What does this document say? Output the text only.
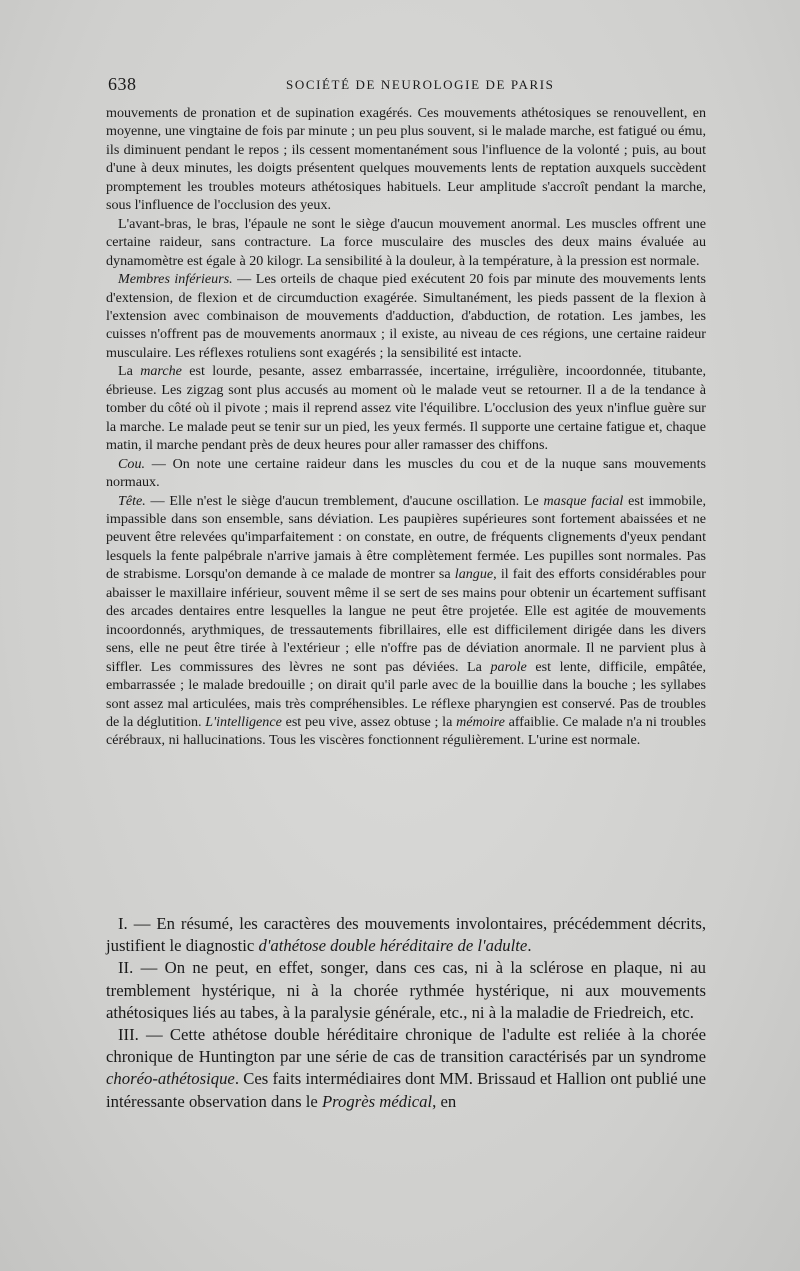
638	SOCIÉTÉ DE NEUROLOGIE DE PARIS

mouvements de pronation et de supination exagérés. Ces mouvements athétosiques se renouvellent, en moyenne, une vingtaine de fois par minute ; un peu plus souvent, si le malade marche, est fatigué ou ému, ils diminuent pendant le repos ; ils cessent momentanément sous l'influence de la volonté ; puis, au bout d'une à deux minutes, les doigts présentent quelques mouvements lents de reptation auxquels succèdent promptement les troubles moteurs athétosiques habituels. Leur amplitude s'accroît pendant la marche, sous l'influence de l'occlusion des yeux.

L'avant-bras, le bras, l'épaule ne sont le siège d'aucun mouvement anormal. Les muscles offrent une certaine raideur, sans contracture. La force musculaire des muscles des deux mains évaluée au dynamomètre est égale à 20 kilogr. La sensibilité à la douleur, à la température, à la pression est normale.

Membres inférieurs. — Les orteils de chaque pied exécutent 20 fois par minute des mouvements lents d'extension, de flexion et de circumduction exagérée. Simultanément, les pieds passent de la flexion à l'extension avec combinaison de mouvements d'adduction, d'abduction, de rotation. Les jambes, les cuisses n'offrent pas de mouvements anormaux ; il existe, au niveau de ces régions, une certaine raideur musculaire. Les réflexes rotuliens sont exagérés ; la sensibilité est intacte.

La marche est lourde, pesante, assez embarrassée, incertaine, irrégulière, incoordonnée, titubante, ébrieuse. Les zigzag sont plus accusés au moment où le malade veut se retourner. Il a de la tendance à tomber du côté où il pivote ; mais il reprend assez vite l'équilibre. L'occlusion des yeux n'influe guère sur la marche. Le malade peut se tenir sur un pied, les yeux fermés. Il supporte une certaine fatigue et, chaque matin, il marche pendant près de deux heures pour aller ramasser des chiffons.

Cou. — On note une certaine raideur dans les muscles du cou et de la nuque sans mouvements normaux.

Tête. — Elle n'est le siège d'aucun tremblement, d'aucune oscillation. Le masque facial est immobile, impassible dans son ensemble, sans déviation. Les paupières supérieures sont fortement abaissées et ne peuvent être relevées qu'imparfaitement : on constate, en outre, de fréquents clignements d'yeux pendant lesquels la fente palpébrale n'arrive jamais à être complètement fermée. Les pupilles sont normales. Pas de strabisme. Lorsqu'on demande à ce malade de montrer sa langue, il fait des efforts considérables pour abaisser le maxillaire inférieur, souvent même il se sert de ses mains pour obtenir un écartement suffisant des arcades dentaires entre lesquelles la langue ne peut être projetée. Elle est agitée de mouvements incoordonnés, arythmiques, de tressautements fibrillaires, elle est difficilement dirigée dans les divers sens, elle ne peut être tirée à l'extérieur ; elle n'offre pas de déviation anormale. Il ne parvient plus à siffler. Les commissures des lèvres ne sont pas déviées. La parole est lente, difficile, empâtée, embarrassée ; le malade bredouille ; on dirait qu'il parle avec de la bouillie dans la bouche ; les syllabes sont assez mal articulées, mais très compréhensibles. Le réflexe pharyngien est conservé. Pas de troubles de la déglutition. L'intelligence est peu vive, assez obtuse ; la mémoire affaiblie. Ce malade n'a ni troubles cérébraux, ni hallucinations. Tous les viscères fonctionnent régulièrement. L'urine est normale.

I. — En résumé, les caractères des mouvements involontaires, précédemment décrits, justifient le diagnostic d'athétose double héréditaire de l'adulte.

II. — On ne peut, en effet, songer, dans ces cas, ni à la sclérose en plaque, ni au tremblement hystérique, ni à la chorée rythmée hystérique, ni aux mouvements athétosiques liés au tabes, à la paralysie générale, etc., ni à la maladie de Friedreich, etc.

III. — Cette athétose double héréditaire chronique de l'adulte est reliée à la chorée chronique de Huntington par une série de cas de transition caractérisés par un syndrome choréo-athétosique. Ces faits intermédiaires dont MM. Brissaud et Hallion ont publié une intéressante observation dans le Progrès médical, en
